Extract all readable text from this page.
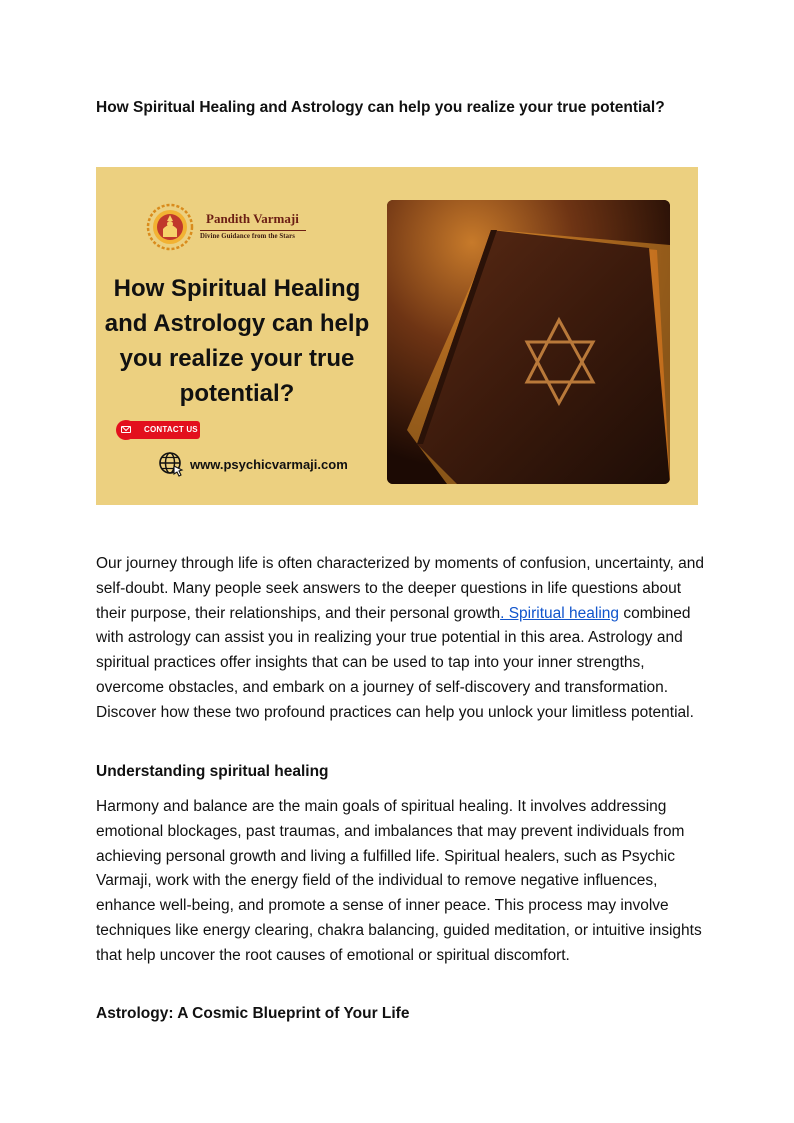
How Spiritual Healing and Astrology can help you realize your true potential?
Pandith Varmaji
Divine Guidance from the Stars
How Spiritual Healing and Astrology can help you realize your true potential?
CONTACT US
www.psychicvarmaji.com

Our journey through life is often characterized by moments of confusion, uncertainty, and self-doubt. Many people seek answers to the deeper questions in life questions about their purpose, their relationships, and their personal growth. Spiritual healing combined with astrology can assist you in realizing your true potential in this area. Astrology and spiritual practices offer insights that can be used to tap into your inner strengths, overcome obstacles, and embark on a journey of self-discovery and transformation. Discover how these two profound practices can help you unlock your limitless potential.

Understanding spiritual healing

Harmony and balance are the main goals of spiritual healing. It involves addressing emotional blockages, past traumas, and imbalances that may prevent individuals from achieving personal growth and living a fulfilled life. Spiritual healers, such as Psychic Varmaji, work with the energy field of the individual to remove negative influences, enhance well-being, and promote a sense of inner peace. This process may involve techniques like energy clearing, chakra balancing, guided meditation, or intuitive insights that help uncover the root causes of emotional or spiritual discomfort.

Astrology: A Cosmic Blueprint of Your Life
